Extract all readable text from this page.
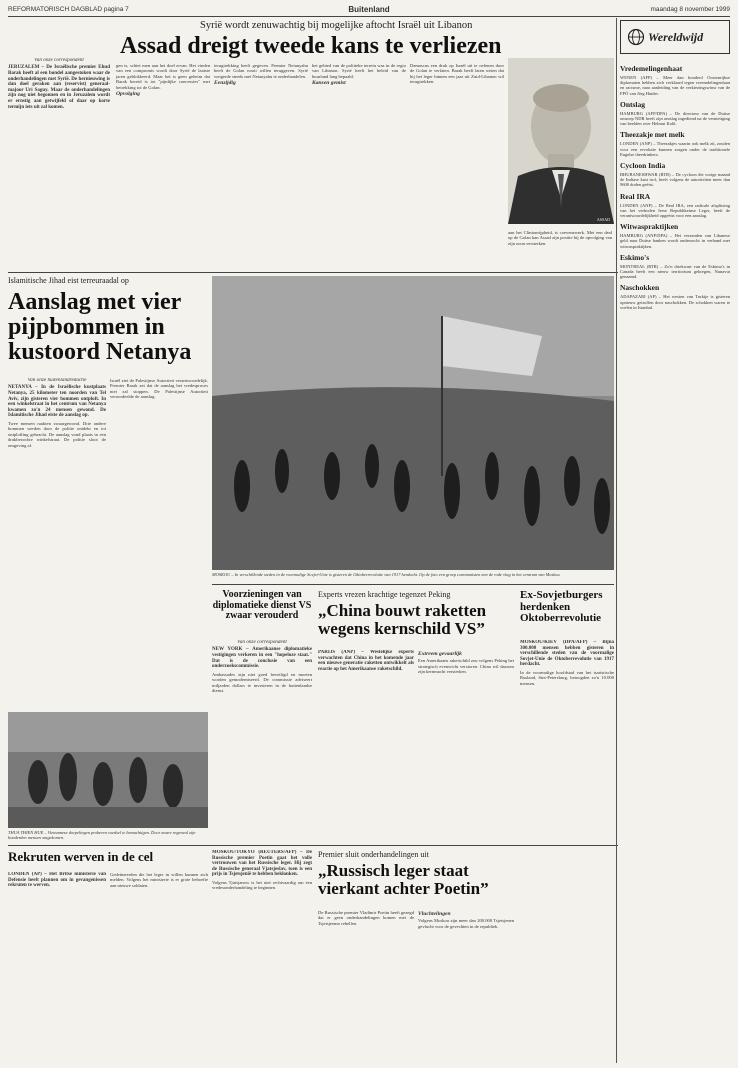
REFORMATORISCH DAGBLAD pagina 7	Buitenland	maandag 8 november 1999
Syrië wordt zenuwachtig bij mogelijke aftocht Israël uit Libanon
Assad dreigt tweede kans te verliezen

Van onze correspondent

JERUZALEM – De Israëlische premier Ehud Barak heeft al een bondel aangestoken waar de onderhandelingen met Syrië. De hernieuwing is dan doel geraken aan (reservist) generaal-majoor Uri Saguy. Maar de onderhandelingen zijn nog niet begonnen en in Jeruzalem wordt er ernstig aan getwijfeld of daar op korte termijn iets uit zal komen.

gen is, schiet men aan het doel ervan. Het vinden van een compromis wordt door Syrië de laatste jaren geblokkeerd. Maar het is geen geheim dat Barak bereid is tot "pijnlijke concessies" met betrekking tot de Golan.

Opvolging

terugtrekking heeft gegeven. Premier Netanyahu heeft de Golan nooit willen teruggeven. Syrië weigerde steeds met Netanyahu te onderhandelen.

Eenzijdig

het gebied van de politieke terrein was in de regio van Libanon. Syrië heeft het beleid van de buurland lang bepaald.

Kansen gemist

Damascus een druk op Israël uit te oefenen door de Golan te verlaten. Barak heeft laten weten dat hij het leger binnen een jaar uit Zuid-Libanon wil terugtrekken.

aan het Clintonrijpheid, is coevenzwerk. Met een deal op de Golan kan Assad zijn positie bij de opvolging van zijn zoon versterken.

ASSAD
Islamitische Jihad eist terreuraadal op
Aanslag met vier pijpbommen in kustoord Netanya

Van onze buitenlandredactie

NETANYA – In de Israëlische kustplaats Netanya, 25 kilometer ten noorden van Tel Aviv, zijn gisteren vier bommen ontploft. In een winkelstraat in het centrum van Netanya kwamen zo'n 24 mensen gewond. De Islamitische Jihad eiste de aanslag op.

Twee mensen raakten zwaargewond. Drie andere bommen werden door de politie ontdekt en tot ontploffing gebracht. De aanslag vond plaats in een drukbezochte winkelstraat. De politie sloot de omgeving af.

Israël ziet de Palestijnse Autoriteit verantwoordelijk. Premier Barak zei dat de aanslag het vredesproces niet zal stoppen. De Palestijnse Autoriteit veroordeelde de aanslag.

MOSKOU – In verschillende steden in de voormalige Sovjet-Unie is gisteren de Oktoberrevolutie van 1917 herdacht. Op de foto een groep communisten met de rode vlag in het centrum van Moskou.
Voorzieningen van diplomatieke dienst VS zwaar verouderd

Van onze correspondent

NEW YORK – Amerikaanse diplomatieke vestigingen verkeren in een "hopeloze staat." Dat is de conclusie van een onderzoekscommissie.

Ambassades zijn niet goed beveiligd en moeten worden gemoderniseerd. De commissie adviseert miljarden dollars te investeren in de buitenlandse dienst.

Experts vrezen krachtige tegenzet Peking
„China bouwt raketten wegens kernschild VS”

PARIJS (ANP) – Westelijke experts verwachten dat China in het komende jaar een nieuwe generatie raketten ontwikkelt als reactie op het Amerikaanse raketschild.

Extreem gevaarlijk

Een Amerikaans raketschild zou volgens Peking het strategisch evenwicht verstoren. China wil daarom zijn kernmacht versterken.

Ex-Sovjetburgers herdenken Oktoberrevolutie

MOSKOU/KIEV (DPA/AFP) – Bijna 300.000 mensen hebben gisteren in verschillende steden van de voormalige Sovjet-Unie de Oktoberrevolutie van 1917 herdacht.

In de voormalige hoofdstad van het tsaristische Rusland, Sint-Petersburg, betoogden zo'n 10.000 mensen.

THUA THIEN HUE – Vietnamese dorpelingen proberen voedsel te bemachtigen. Door zware regenval zijn honderden mensen omgekomen.
Rekruten werven in de cel

LONDEN (AP) – Het Britse ministerie van Defensie heeft plannen om in gevangenissen rekruten te werven.

Gedetineerden die het leger in willen kunnen zich melden. Volgens het ministerie is er grote behoefte aan nieuwe soldaten.

MOSKOU/TOKYO (REUTERS/AFP) – De Russische premier Poetin gaat het volle vertrouwen van het Russische leger. Hij zegt de Russische generaal Vjatsjeslav, toen is een prijs in Tsjetsjenië te hebben beklonken.

Volgens Tjutsjanow is het niet rechtvaardig om een vredesonderhandeling te beginnen.

Premier sluit onderhandelingen uit
„Russisch leger staat vierkant achter Poetin”

De Russische premier Vladimir Poetin heeft gezegd dat er geen onderhandelingen komen met de Tsjetsjeense rebellen.

Vluchtelingen

Volgens Moskou zijn meer dan 200.000 Tsjetsjenen gevlucht voor de gevechten in de republiek.

Wereldwijd
Vredemelingenhaat

WENEN (AFP) – Meer dan honderd Oostenrijkse diplomaten hebben zich verklaard tegen vreemdelingenhaat en racisme, naar aanleiding van de verkiezingswinst van de FPÖ van Jörg Haider.

Ontslag

HAMBURG (AFP/DPA) – De directeur van de Duitse omroep NDR heeft zijn ontslag ingediend na de vernietiging van beelden over Helmut Kohl.

Theezakje met melk

LONDEN (ANP) – Theezakjes waarin ook melk zit, zouden voor een revolutie kunnen zorgen onder de traditionele Engelse theedrinkers.

Cycloon India

BHUBANESHWAR (RTR) – De cycloon die vorige maand de Indiase kust trof, heeft volgens de autoriteiten meer dan 9600 doden geëist.

Real IRA

LONDEN (ANP) – De Real IRA, een radicale afsplitsing van het verboden Ierse Republikeinse Leger, heeft de verantwoordelijkheid opgeëist voor een aanslag.

Witwaspraktijken

HAMBURG (ANP/DPA) – Het verzenden van Libanese geld naar Duitse banken wordt onderzocht in verband met witwaspraktijken.

Eskimo's

MONTREAL (RTR) – Zo'n driekwart van de Eskimo's in Canada heeft een nieuw territorium gekregen, Nunavut genaamd.

Naschokken

ADAPAZARI (AP) – Het westen van Turkije is gisteren opnieuw getroffen door naschokken. De schokken waren te voelen in Istanbul.
